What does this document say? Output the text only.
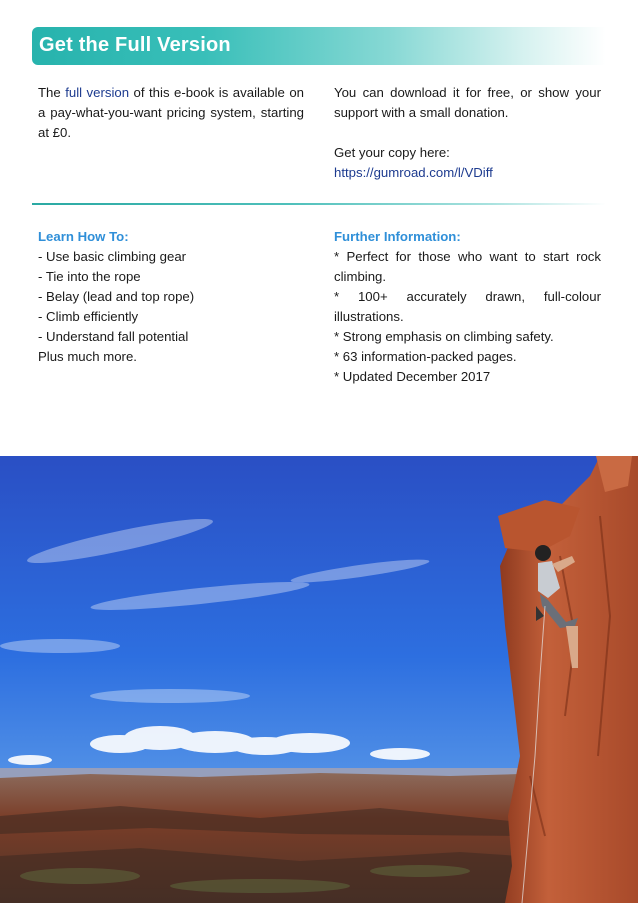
Get the Full Version

The full version of this e-book is available on a pay-what-you-want pricing system, starting at £0.

You can download it for free, or show your support with a small donation.

Get your copy here:

https://gumroad.com/l/VDiff

Learn How To:

- Use basic climbing gear

- Tie into the rope

- Belay (lead and top rope)

- Climb efficiently

- Understand fall potential

Plus much more.

Further Information:

* Perfect for those who want to start rock climbing.

* 100+ accurately drawn, full-colour illustrations.

* Strong emphasis on climbing safety.

* 63 information-packed pages.

* Updated December 2017
